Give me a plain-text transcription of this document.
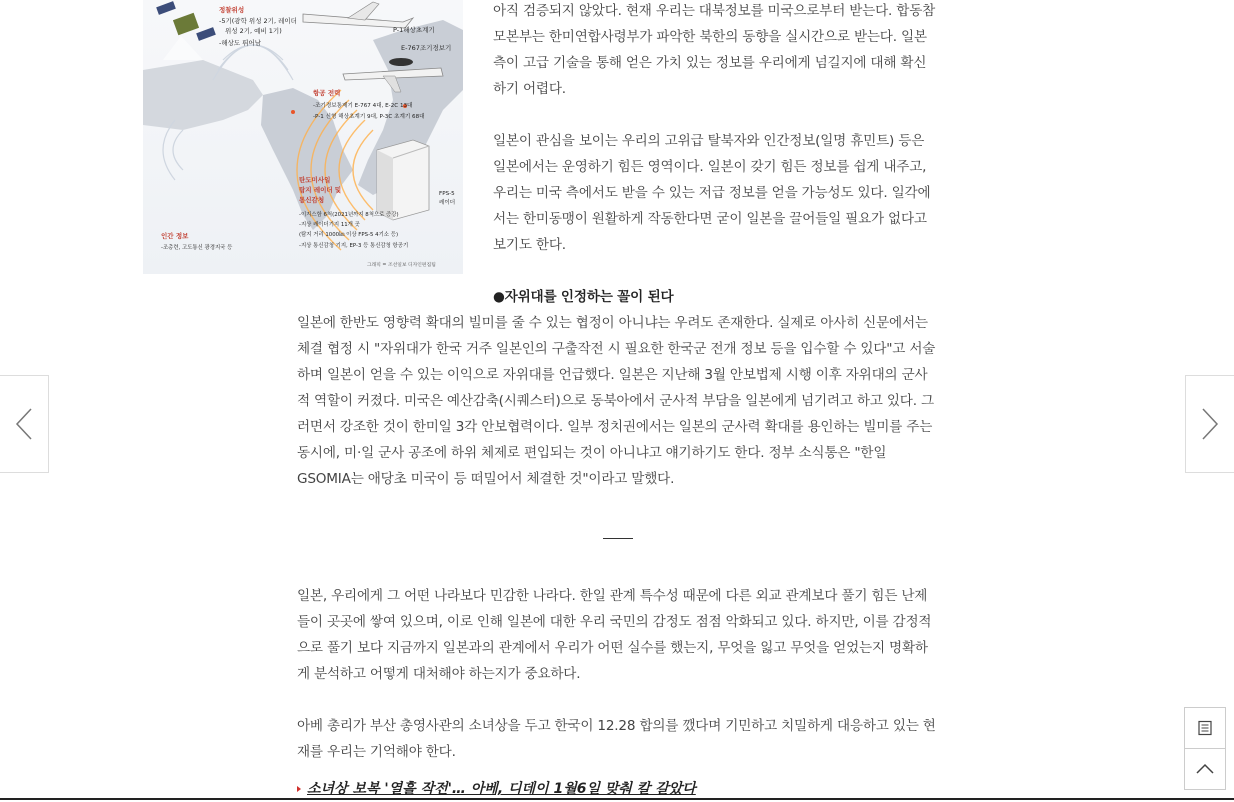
정찰위성
-5기(광학 위성 2기, 레이더
위성 2기, 예비 1기)
-해상도 뛰어남
P-1해상초계기
E-767조기경보기
항공 전력
-조기경보통제기 E-767 4대, E-2C 13대
-P-1 신형 해상초계기 9대, P-3C 초계기 68대
탄도미사일
탐지 레이더 및
통신감청
FPS-5
레이더
-이지스함 6척(2021년까지 8척으로 증강)
-지상 레이더기지 11개 곳
(탐지 거리 1000㎞ 이상 FPS-5 4기소 등)
-지상 통신감청 기지, EP-3 등 통신감청 항공기
인간 정보
-조총련, 고도통신 광경지국 등
그래픽 = 조선일보 디자인편집팀

아직 검증되지 않았다. 현재 우리는 대북정보를 미국으로부터 받는다. 합동참모본부는 한미연합사령부가 파악한 북한의 동향을 실시간으로 받는다. 일본 측이 고급 기술을 통해 얻은 가치 있는 정보를 우리에게 넘길지에 대해 확신하기 어렵다.

일본이 관심을 보이는 우리의 고위급 탈북자와 인간정보(일명 휴민트) 등은 일본에서는 운영하기 힘든 영역이다. 일본이 갖기 힘든 정보를 쉽게 내주고, 우리는 미국 측에서도 받을 수 있는 저급 정보를 얻을 가능성도 있다. 일각에서는 한미동맹이 원활하게 작동한다면 굳이 일본을 끌어들일 필요가 없다고 보기도 한다.

●자위대를 인정하는 꼴이 된다

일본에 한반도 영향력 확대의 빌미를 줄 수 있는 협정이 아니냐는 우려도 존재한다. 실제로 아사히 신문에서는 체결 협정 시 "자위대가 한국 거주 일본인의 구출작전 시 필요한 한국군 전개 정보 등을 입수할 수 있다"고 서술하며 일본이 얻을 수 있는 이익으로 자위대를 언급했다. 일본은 지난해 3월 안보법제 시행 이후 자위대의 군사적 역할이 커졌다. 미국은 예산감축(시퀘스터)으로 동북아에서 군사적 부담을 일본에게 넘기려고 하고 있다. 그러면서 강조한 것이 한미일 3각 안보협력이다. 일부 정치권에서는 일본의 군사력 확대를 용인하는 빌미를 주는 동시에, 미·일 군사 공조에 하위 체제로 편입되는 것이 아니냐고 얘기하기도 한다. 정부 소식통은 "한일 GSOMIA는 애당초 미국이 등 떠밀어서 체결한 것"이라고 말했다.

일본, 우리에게 그 어떤 나라보다 민감한 나라다. 한일 관계 특수성 때문에 다른 외교 관계보다 풀기 힘든 난제들이 곳곳에 쌓여 있으며, 이로 인해 일본에 대한 우리 국민의 감정도 점점 악화되고 있다. 하지만, 이를 감정적으로 풀기 보다 지금까지 일본과의 관계에서 우리가 어떤 실수를 했는지, 무엇을 잃고 무엇을 얻었는지 명확하게 분석하고 어떻게 대처해야 하는지가 중요하다.

아베 총리가 부산 총영사관의 소녀상을 두고 한국이 12.28 합의를 깼다며 기민하고 치밀하게 대응하고 있는 현재를 우리는 기억해야 한다.

소녀상 보복 '열흘 작전'… 아베, 디데이 1월6일 맞춰 칼 갈았다
